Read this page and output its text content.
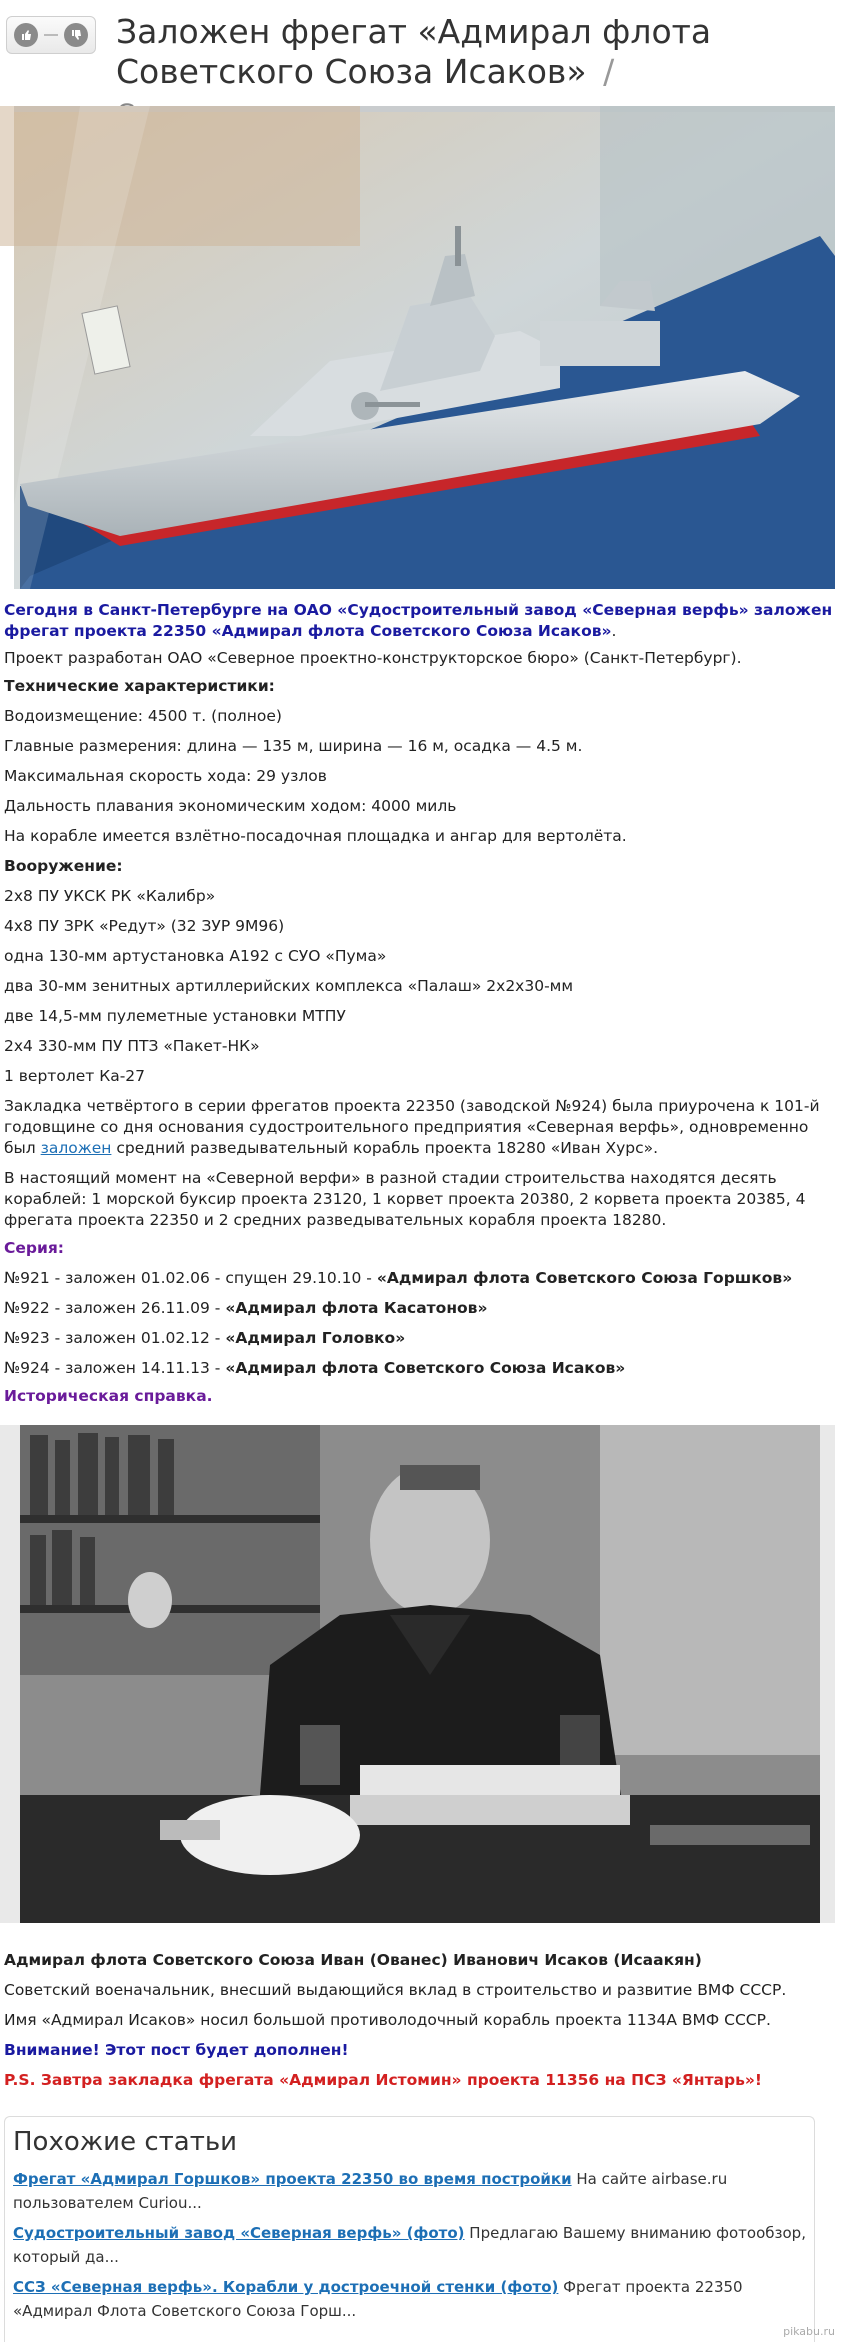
Заложен фрегат «Адмирал флота Советского Союза Исаков» /

Сегодня в Санкт-Петербурге на ОАО «Судостроительный завод «Северная верфь» заложен фрегат проекта 22350 «Адмирал флота Советского Союза Исаков».

Проект разработан ОАО «Северное проектно-конструкторское бюро» (Санкт-Петербург).

Технические характеристики:

Водоизмещение: 4500 т. (полное)

Главные размерения: длина — 135 м, ширина — 16 м, осадка — 4.5 м.

Максимальная скорость хода: 29 узлов

Дальность плавания экономическим ходом: 4000 миль

На корабле имеется взлётно-посадочная площадка и ангар для вертолёта.

Вооружение:

2х8 ПУ УКСК РК «Калибр»

4х8 ПУ ЗРК «Редут» (32 ЗУР 9М96)

одна 130-мм артустановка А192 с СУО «Пума»

два 30-мм зенитных артиллерийских комплекса «Палаш» 2х2х30-мм

две 14,5-мм пулеметные установки МТПУ

2х4 330-мм ПУ ПТЗ «Пакет-НК»

1 вертолет Ка-27

Закладка четвёртого в серии фрегатов проекта 22350 (заводской №924) была приурочена к 101-й годовщине со дня основания судостроительного предприятия «Северная верфь», одновременно был заложен средний разведывательный корабль проекта 18280 «Иван Хурс».

В настоящий момент на «Северной верфи» в разной стадии строительства находятся десять кораблей: 1 морской буксир проекта 23120, 1 корвет проекта 20380, 2 корвета проекта 20385, 4 фрегата проекта 22350 и 2 средних разведывательных корабля проекта 18280.

Серия:

№921 - заложен 01.02.06 - спущен 29.10.10 - «Адмирал флота Советского Союза Горшков»

№922 - заложен 26.11.09 - «Адмирал флота Касатонов»

№923 - заложен 01.02.12 - «Адмирал Головко»

№924 - заложен 14.11.13 - «Адмирал флота Советского Союза Исаков»

Историческая справка.

Адмирал флота Советского Союза Иван (Ованес) Иванович Исаков (Исаакян)

Советский военачальник, внесший выдающийся вклад в строительство и развитие ВМФ СССР.

Имя «Адмирал Исаков» носил большой противолодочный корабль проекта 1134А ВМФ СССР.

Внимание! Этот пост будет дополнен!

P.S. Завтра закладка фрегата «Адмирал Истомин» проекта 11356 на ПСЗ «Янтарь»!

Похожие статьи
Фрегат «Адмирал Горшков» проекта 22350 во время постройки На сайте airbase.ru пользователем Curiou...
Судостроительный завод «Северная верфь» (фото) Предлагаю Вашему вниманию фотообзор, который да...
ССЗ «Северная верфь». Корабли у достроечной стенки (фото) Фрегат проекта 22350 «Адмирал Флота Советского Союза Горш...
pikabu.ru
